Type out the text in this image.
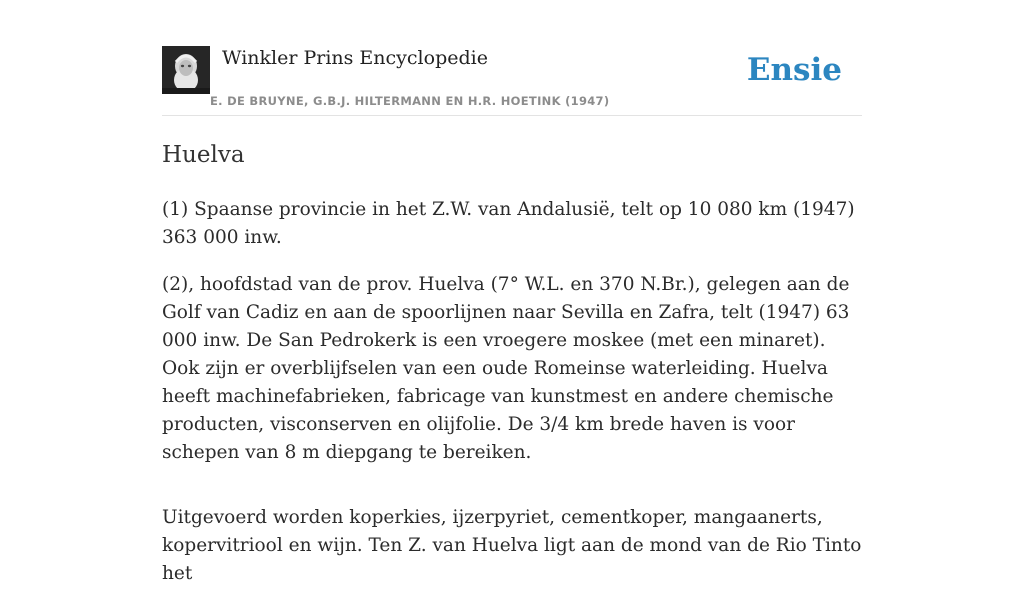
Winkler Prins Encyclopedie
E. DE BRUYNE, G.B.J. HILTERMANN EN H.R. HOETINK (1947)
Ensie
Huelva

(1) Spaanse provincie in het Z.W. van Andalusië, telt op 10 080 km (1947) 363 000 inw.

(2), hoofdstad van de prov. Huelva (7° W.L. en 370 N.Br.), gelegen aan de Golf van Cadiz en aan de spoorlijnen naar Sevilla en Zafra, telt (1947) 63 000 inw. De San Pedrokerk is een vroegere moskee (met een minaret). Ook zijn er overblijfselen van een oude Romeinse waterleiding. Huelva heeft machinefabrieken, fabricage van kunstmest en andere chemische producten, visconserven en olijfolie. De 3/4 km brede haven is voor schepen van 8 m diepgang te bereiken.

Uitgevoerd worden koperkies, ijzerpyriet, cementkoper, mangaanerts, kopervitriool en wijn. Ten Z. van Huelva ligt aan de mond van de Rio Tinto het
